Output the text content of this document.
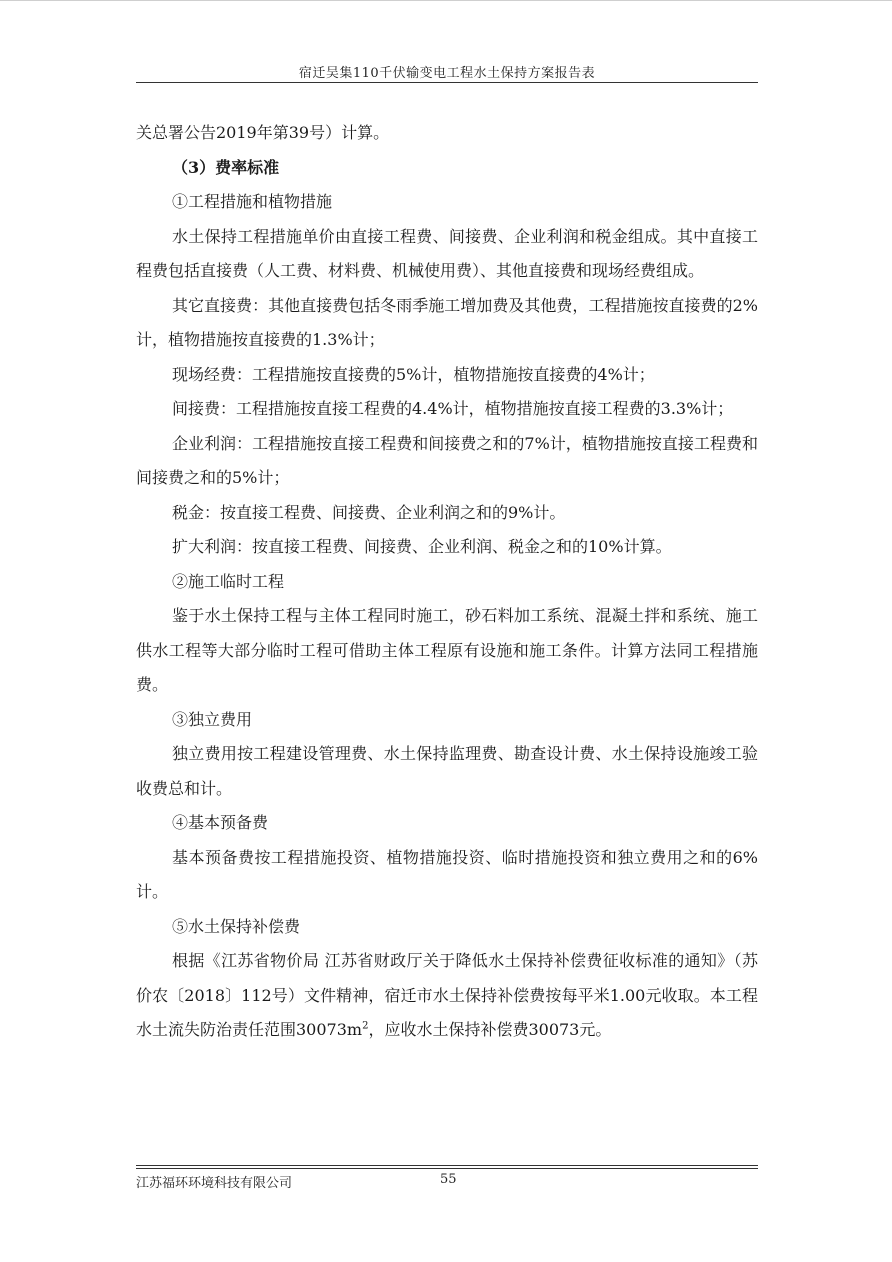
宿迁吴集110千伏输变电工程水土保持方案报告表

关总署公告2019年第39号）计算。

（3）费率标准

①工程措施和植物措施

水土保持工程措施单价由直接工程费、间接费、企业利润和税金组成。其中直接工程费包括直接费（人工费、材料费、机械使用费）、其他直接费和现场经费组成。

其它直接费：其他直接费包括冬雨季施工增加费及其他费，工程措施按直接费的2%计，植物措施按直接费的1.3%计；

现场经费：工程措施按直接费的5%计，植物措施按直接费的4%计；

间接费：工程措施按直接工程费的4.4%计，植物措施按直接工程费的3.3%计；

企业利润：工程措施按直接工程费和间接费之和的7%计，植物措施按直接工程费和间接费之和的5%计；

税金：按直接工程费、间接费、企业利润之和的9%计。

扩大利润：按直接工程费、间接费、企业利润、税金之和的10%计算。

②施工临时工程

鉴于水土保持工程与主体工程同时施工，砂石料加工系统、混凝土拌和系统、施工供水工程等大部分临时工程可借助主体工程原有设施和施工条件。计算方法同工程措施费。

③独立费用

独立费用按工程建设管理费、水土保持监理费、勘查设计费、水土保持设施竣工验收费总和计。

④基本预备费

基本预备费按工程措施投资、植物措施投资、临时措施投资和独立费用之和的6%计。

⑤水土保持补偿费

根据《江苏省物价局 江苏省财政厅关于降低水土保持补偿费征收标准的通知》（苏价农〔2018〕112号）文件精神，宿迁市水土保持补偿费按每平米1.00元收取。本工程水土流失防治责任范围$30073m^2$，应收水土保持补偿费30073元。

江苏福环环境科技有限公司	55
